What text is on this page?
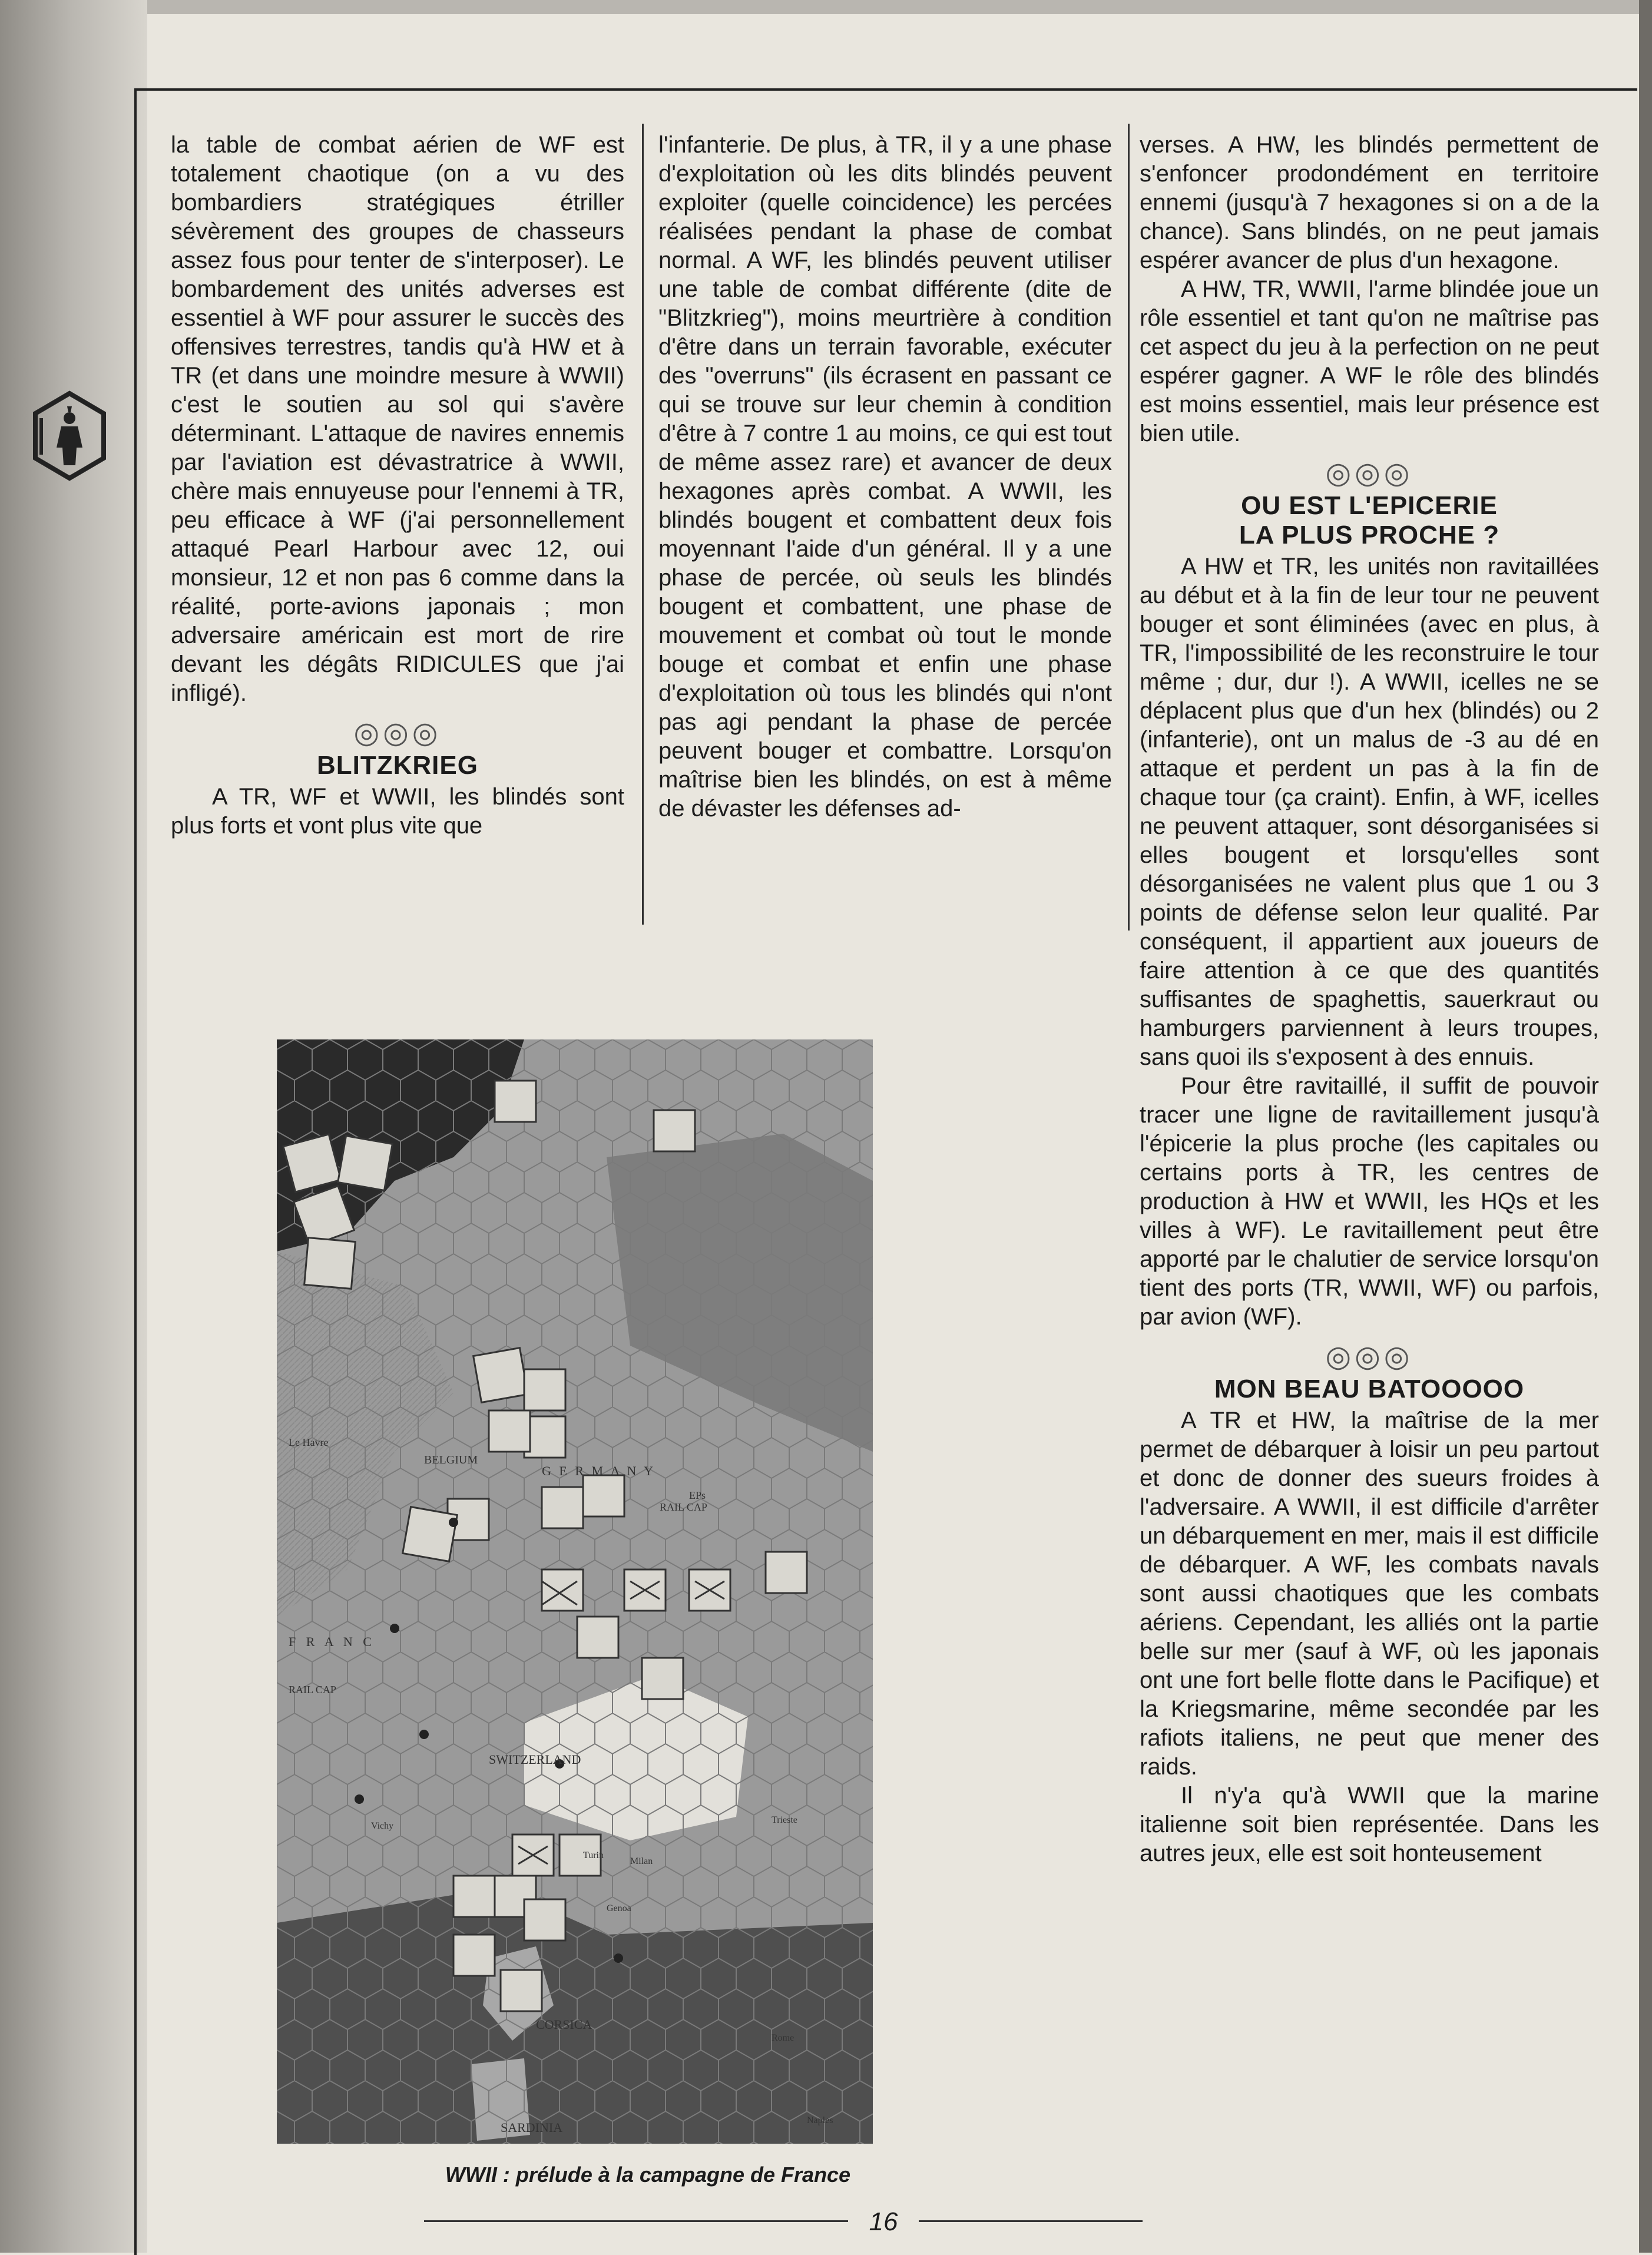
la table de combat aérien de WF est totalement chaotique (on a vu des bombardiers stratégiques étriller sévèrement des groupes de chasseurs assez fous pour tenter de s'interposer). Le bombardement des unités adverses est essentiel à WF pour assurer le succès des offensives terrestres, tandis qu'à HW et à TR (et dans une moindre mesure à WWII) c'est le soutien au sol qui s'avère déterminant. L'attaque de navires ennemis par l'aviation est dévastratrice à WWII, chère mais ennuyeuse pour l'ennemi à TR, peu efficace à WF (j'ai personnellement attaqué Pearl Harbour avec 12, oui monsieur, 12 et non pas 6 comme dans la réalité, porte-avions japonais ; mon adversaire américain est mort de rire devant les dégâts RIDICULES que j'ai infligé).

◎◎◎
BLITZKRIEG

A TR, WF et WWII, les blindés sont plus forts et vont plus vite que

l'infanterie. De plus, à TR, il y a une phase d'exploitation où les dits blindés peuvent exploiter (quelle coincidence) les percées réalisées pendant la phase de combat normal. A WF, les blindés peuvent utiliser une table de combat différente (dite de "Blitzkrieg"), moins meurtrière à condition d'être dans un terrain favorable, exécuter des "overruns" (ils écrasent en passant ce qui se trouve sur leur chemin à condition d'être à 7 contre 1 au moins, ce qui est tout de même assez rare) et avancer de deux hexagones après combat. A WWII, les blindés bougent et combattent deux fois moyennant l'aide d'un général. Il y a une phase de percée, où seuls les blindés bougent et combattent, une phase de mouvement et combat où tout le monde bouge et combat et enfin une phase d'exploitation où tous les blindés qui n'ont pas agi pendant la phase de percée peuvent bouger et combattre. Lorsqu'on maîtrise bien les blindés, on est à même de dévaster les défenses ad-

verses. A HW, les blindés permettent de s'enfoncer prodondément en territoire ennemi (jusqu'à 7 hexagones si on a de la chance). Sans blindés, on ne peut jamais espérer avancer de plus d'un hexagone.

A HW, TR, WWII, l'arme blindée joue un rôle essentiel et tant qu'on ne maîtrise pas cet aspect du jeu à la perfection on ne peut espérer gagner. A WF le rôle des blindés est moins essentiel, mais leur présence est bien utile.

◎◎◎
OU EST L'EPICERIE
LA PLUS PROCHE ?

A HW et TR, les unités non ravitaillées au début et à la fin de leur tour ne peuvent bouger et sont éliminées (avec en plus, à TR, l'impossibilité de les reconstruire le tour même ; dur, dur !). A WWII, icelles ne se déplacent plus que d'un hex (blindés) ou 2 (infanterie), ont un malus de -3 au dé en attaque et perdent un pas à la fin de chaque tour (ça craint). Enfin, à WF, icelles ne peuvent attaquer, sont désorganisées si elles bougent et lorsqu'elles sont désorganisées ne valent plus que 1 ou 3 points de défense selon leur qualité. Par conséquent, il appartient aux joueurs de faire attention à ce que des quantités suffisantes de spaghettis, sauerkraut ou hamburgers parviennent à leurs troupes, sans quoi ils s'exposent à des ennuis.

Pour être ravitaillé, il suffit de pouvoir tracer une ligne de ravitaillement jusqu'à l'épicerie la plus proche (les capitales ou certains ports à TR, les centres de production à HW et WWII, les HQs et les villes à WF). Le ravitaillement peut être apporté par le chalutier de service lorsqu'on tient des ports (TR, WWII, WF) ou parfois, par avion (WF).

◎◎◎
MON BEAU BATOOOOO

A TR et HW, la maîtrise de la mer permet de débarquer à loisir un peu partout et donc de donner des sueurs froides à l'adversaire. A WWII, il est difficile d'arrêter un débarquement en mer, mais il est difficile de débarquer. A WF, les combats navals sont aussi chaotiques que les combats aériens. Cependant, les alliés ont la partie belle sur mer (sauf à WF, où les japonais ont une fort belle flotte dans le Pacifique) et la Kriegsmarine, même secondée par les rafiots italiens, ne peut que mener des raids.

Il n'y'a qu'à WWII que la marine italienne soit bien représentée. Dans les autres jeux, elle est soit honteusement

SWITZERLAND
G E R M A N Y
F R A N C
CORSICA
SARDINIA
Le Havre
BELGIUM
RAIL CAP
RAIL CAP
EPs
Vichy
Milan
Turin
Genoa
Trieste
Rome
Naples
WWII : prélude à la campagne de France
16
